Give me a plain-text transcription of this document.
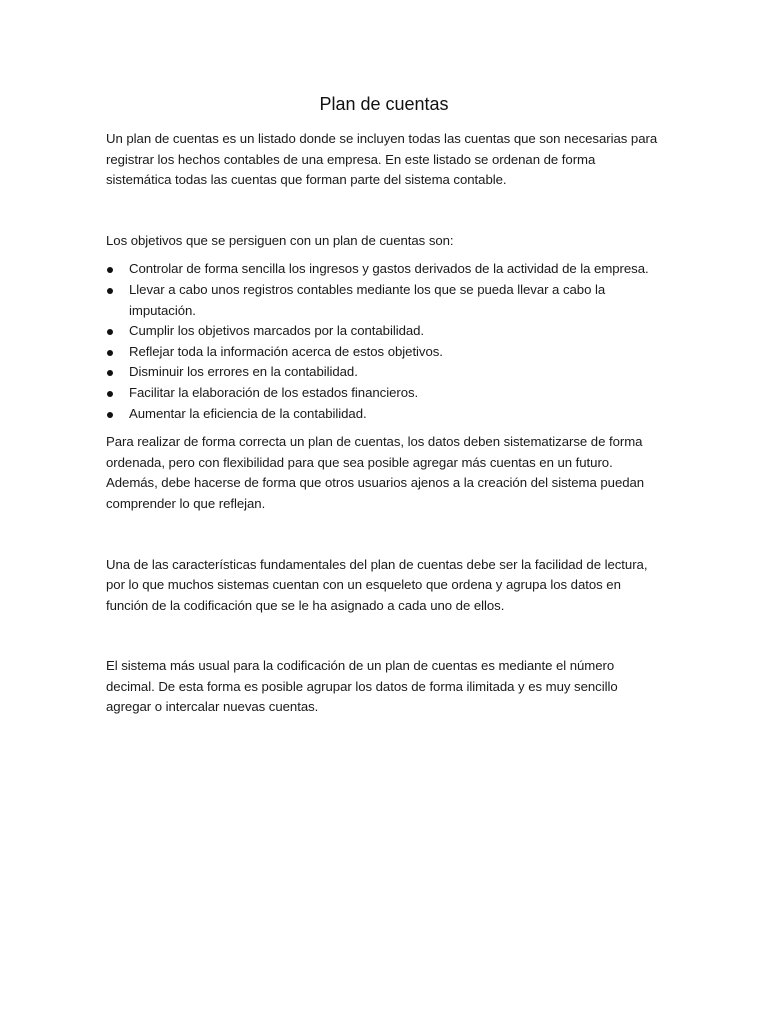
Plan de cuentas

Un plan de cuentas es un listado donde se incluyen todas las cuentas que son necesarias para registrar los hechos contables de una empresa. En este listado se ordenan de forma sistemática todas las cuentas que forman parte del sistema contable.

Los objetivos que se persiguen con un plan de cuentas son:

Controlar de forma sencilla los ingresos y gastos derivados de la actividad de la empresa.
Llevar a cabo unos registros contables mediante los que se pueda llevar a cabo la imputación.
Cumplir los objetivos marcados por la contabilidad.
Reflejar toda la información acerca de estos objetivos.
Disminuir los errores en la contabilidad.
Facilitar la elaboración de los estados financieros.
Aumentar la eficiencia de la contabilidad.

Para realizar de forma correcta un plan de cuentas, los datos deben sistematizarse de forma ordenada, pero con flexibilidad para que sea posible agregar más cuentas en un futuro. Además, debe hacerse de forma que otros usuarios ajenos a la creación del sistema puedan comprender lo que reflejan.

Una de las características fundamentales del plan de cuentas debe ser la facilidad de lectura, por lo que muchos sistemas cuentan con un esqueleto que ordena y agrupa los datos en función de la codificación que se le ha asignado a cada uno de ellos.

El sistema más usual para la codificación de un plan de cuentas es mediante el número decimal. De esta forma es posible agrupar los datos de forma ilimitada y es muy sencillo agregar o intercalar nuevas cuentas.
